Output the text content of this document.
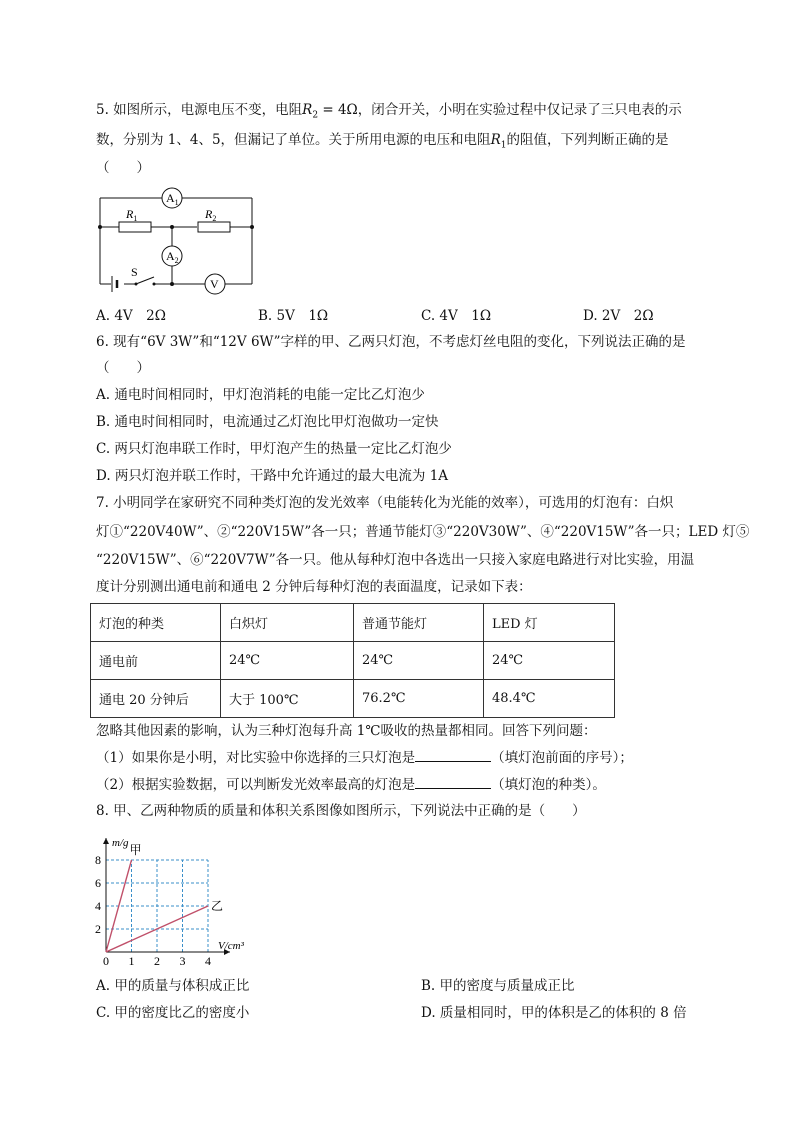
5. 如图所示，电源电压不变，电阻$R_2 = 4\Omega$，闭合开关，小明在实验过程中仅记录了三只电表的示
数，分别为 1、4、5，但漏记了单位。关于所用电源的电压和电阻$R_1$的阻值，下列判断正确的是
（　　）
S
$R_1$	$R_2$
$A_1$
$A_2$
V
A. 4V　2Ω	B. 5V　1Ω	C. 4V　1Ω	D. 2V　2Ω
6. 现有“6V 3W”和“12V 6W”字样的甲、乙两只灯泡，不考虑灯丝电阻的变化，下列说法正确的是
（　　）
A. 通电时间相同时，甲灯泡消耗的电能一定比乙灯泡少
B. 通电时间相同时，电流通过乙灯泡比甲灯泡做功一定快
C. 两只灯泡串联工作时，甲灯泡产生的热量一定比乙灯泡少
D. 两只灯泡并联工作时，干路中允许通过的最大电流为 1A
7. 小明同学在家研究不同种类灯泡的发光效率（电能转化为光能的效率），可选用的灯泡有：白炽
灯①“220V40W”、②“220V15W”各一只；普通节能灯③“220V30W”、④“220V15W”各一只；LED 灯⑤
“220V15W”、⑥“220V7W”各一只。他从每种灯泡中各选出一只接入家庭电路进行对比实验，用温
度计分别测出通电前和通电 2 分钟后每种灯泡的表面温度，记录如下表：
灯泡的种类	白炽灯	普通节能灯	LED 灯
通电前	24℃	24℃	24℃
通电 20 分钟后	大于 100℃	76.2℃	48.4℃
忽略其他因素的影响，认为三种灯泡每升高 1℃吸收的热量都相同。回答下列问题：
（1）如果你是小明，对比实验中你选择的三只灯泡是	（填灯泡前面的序号）；
（2）根据实验数据，可以判断发光效率最高的灯泡是	（填灯泡的种类）。
8. 甲、乙两种物质的质量和体积关系图像如图所示，下列说法中正确的是（　　）
0 1 2 3 4
2
4
6
8
m/g
V/cm³
甲
乙
A. 甲的质量与体积成正比	B. 甲的密度与质量成正比
C. 甲的密度比乙的密度小	D. 质量相同时，甲的体积是乙的体积的 8 倍
